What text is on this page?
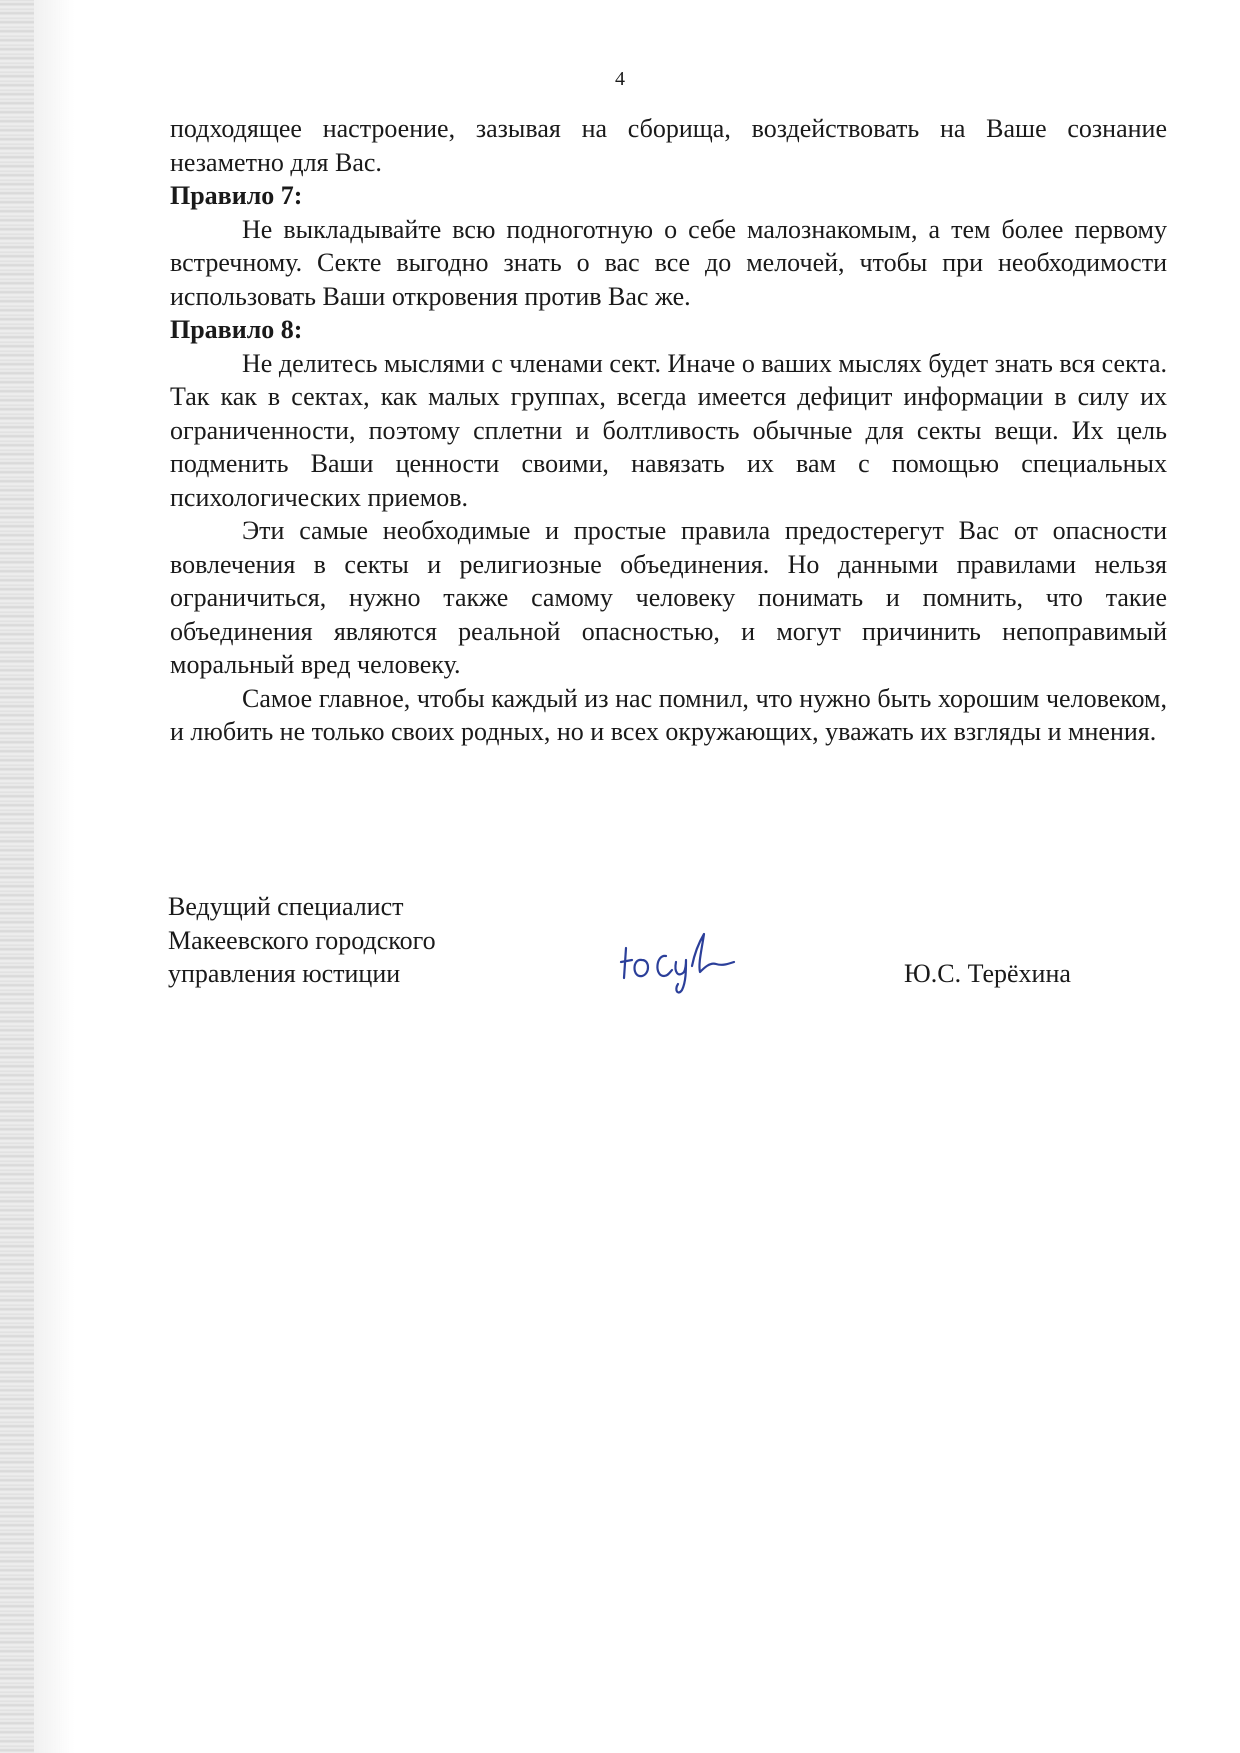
4

подходящее настроение, зазывая на сборища, воздействовать на Ваше сознание незаметно для Вас.

Правило 7:

Не выкладывайте всю подноготную о себе малознакомым, а тем более первому встречному. Секте выгодно знать о вас все до мелочей, чтобы при необходимости использовать Ваши откровения против Вас же.

Правило 8:

Не делитесь мыслями с членами сект. Иначе о ваших мыслях будет знать вся секта. Так как в сектах, как малых группах, всегда имеется дефицит информации в силу их ограниченности, поэтому сплетни и болтливость обычные для секты вещи. Их цель подменить Ваши ценности своими, навязать их вам с помощью специальных психологических приемов.

Эти самые необходимые и простые правила предостерегут Вас от опасности вовлечения в секты и религиозные объединения. Но данными правилами нельзя ограничиться, нужно также самому человеку понимать и помнить, что такие объединения являются реальной опасностью, и могут причинить непоправимый моральный вред человеку.

Самое главное, чтобы каждый из нас помнил, что нужно быть хорошим человеком, и любить не только своих родных, но и всех окружающих, уважать их взгляды и мнения.

Ведущий специалист
Макеевского городского
управления юстиции	Ю.С. Терёхина
